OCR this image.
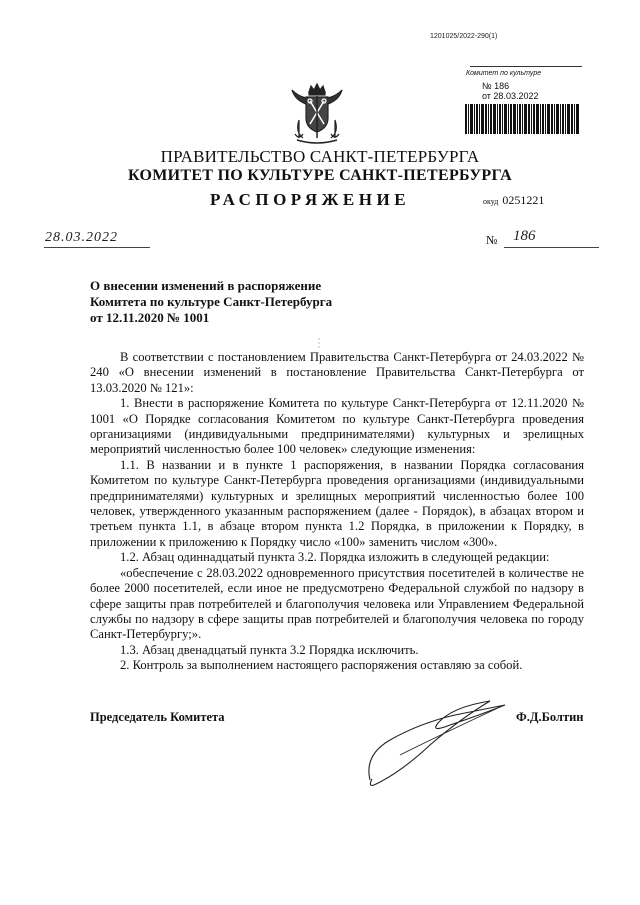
1201025/2022-290(1)
Комитет по культуре
№ 186
от 28.03.2022
ПРАВИТЕЛЬСТВО САНКТ-ПЕТЕРБУРГА
КОМИТЕТ ПО КУЛЬТУРЕ САНКТ-ПЕТЕРБУРГА
РАСПОРЯЖЕНИЕ	окуд 0251221
28.03.2022	№ 186
О внесении изменений в распоряжение
Комитета по культуре Санкт-Петербурга
от 12.11.2020 № 1001

В соответствии с постановлением Правительства Санкт-Петербурга от 24.03.2022 № 240 «О внесении изменений в постановление Правительства Санкт-Петербурга от 13.03.2020 № 121»:

1. Внести в распоряжение Комитета по культуре Санкт-Петербурга от 12.11.2020 № 1001 «О Порядке согласования Комитетом по культуре Санкт-Петербурга проведения организациями (индивидуальными предпринимателями) культурных и зрелищных мероприятий численностью более 100 человек» следующие изменения:

1.1. В названии и в пункте 1 распоряжения, в названии Порядка согласования Комитетом по культуре Санкт-Петербурга проведения организациями (индивидуальными предпринимателями) культурных и зрелищных мероприятий численностью более 100 человек, утвержденного указанным распоряжением (далее - Порядок), в абзацах втором и третьем пункта 1.1, в абзаце втором пункта 1.2 Порядка, в приложении к Порядку, в приложении к приложению к Порядку число «100» заменить числом «300».

1.2. Абзац одиннадцатый пункта 3.2. Порядка изложить в следующей редакции:

«обеспечение с 28.03.2022 одновременного присутствия посетителей в количестве не более 2000 посетителей, если иное не предусмотрено Федеральной службой по надзору в сфере защиты прав потребителей и благополучия человека или Управлением Федеральной службы по надзору в сфере защиты прав потребителей и благополучия человека по городу Санкт-Петербургу;».

1.3. Абзац двенадцатый пункта 3.2 Порядка исключить.

2. Контроль за выполнением настоящего распоряжения оставляю за собой.

Председатель Комитета	Ф.Д.Болтин
